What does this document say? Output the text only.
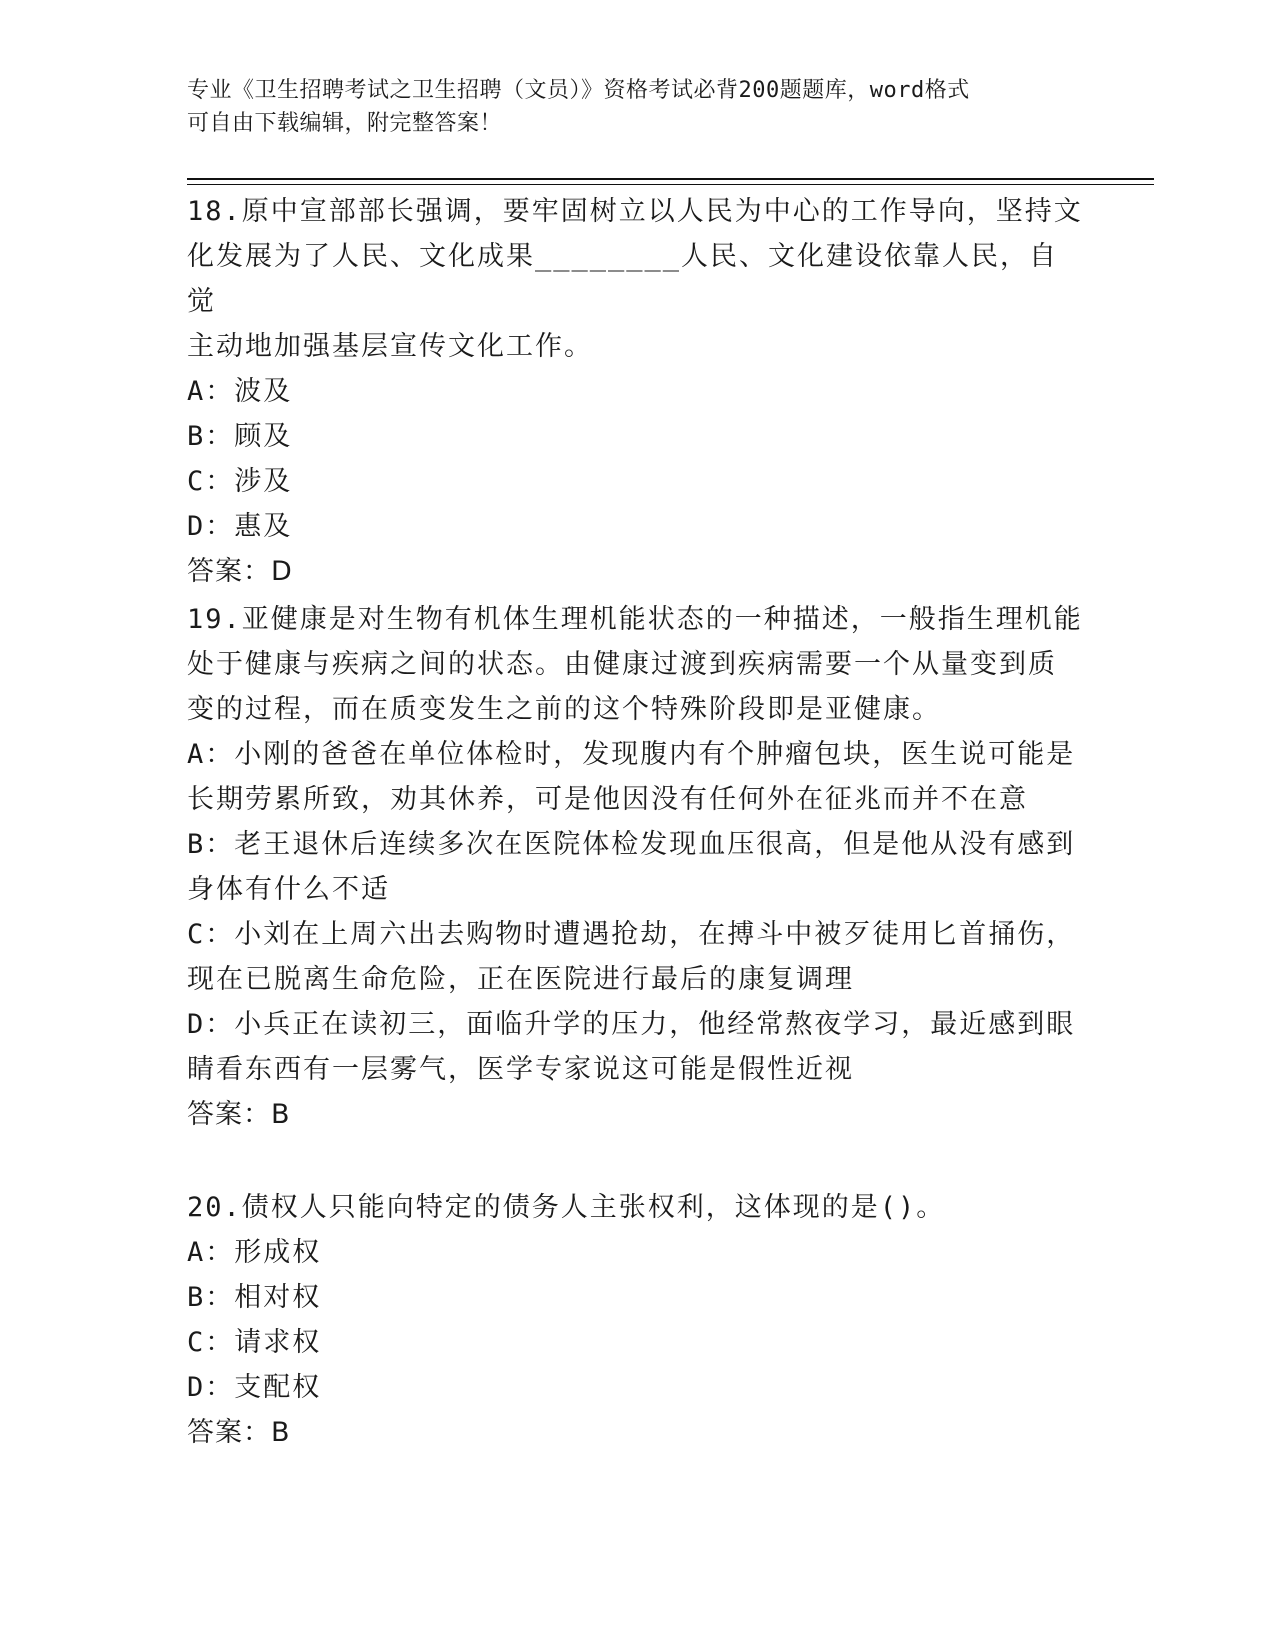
专业《卫生招聘考试之卫生招聘（文员）》资格考试必背200题题库，word格式
可自由下载编辑，附完整答案！
18.原中宣部部长强调，要牢固树立以人民为中心的工作导向，坚持文
化发展为了人民、文化成果________人民、文化建设依靠人民，自觉
主动地加强基层宣传文化工作。
A：波及
B：顾及
C：涉及
D：惠及
答案：D
19.亚健康是对生物有机体生理机能状态的一种描述，一般指生理机能
处于健康与疾病之间的状态。由健康过渡到疾病需要一个从量变到质
变的过程，而在质变发生之前的这个特殊阶段即是亚健康。
A：小刚的爸爸在单位体检时，发现腹内有个肿瘤包块，医生说可能是
长期劳累所致，劝其休养，可是他因没有任何外在征兆而并不在意
B：老王退休后连续多次在医院体检发现血压很高，但是他从没有感到
身体有什么不适
C：小刘在上周六出去购物时遭遇抢劫，在搏斗中被歹徒用匕首捅伤，
现在已脱离生命危险，正在医院进行最后的康复调理
D：小兵正在读初三，面临升学的压力，他经常熬夜学习，最近感到眼
睛看东西有一层雾气，医学专家说这可能是假性近视
答案：B
20.债权人只能向特定的债务人主张权利，这体现的是()。
A：形成权
B：相对权
C：请求权
D：支配权
答案：B
